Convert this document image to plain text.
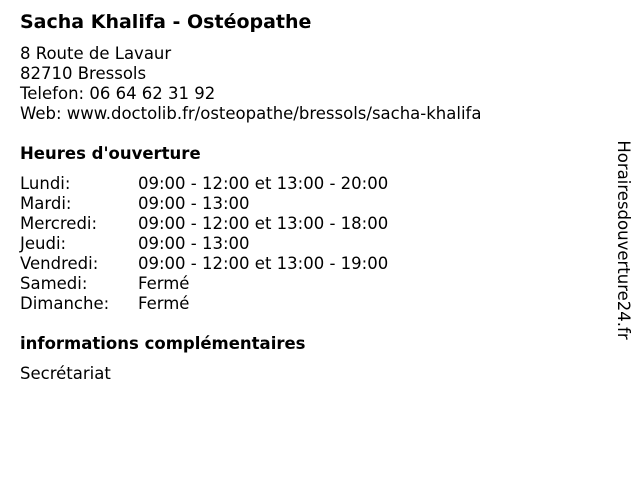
Sacha Khalifa - Ostéopathe
8 Route de Lavaur
82710 Bressols
Telefon: 06 64 62 31 92
Web: www.doctolib.fr/osteopathe/bressols/sacha-khalifa
Heures d'ouverture
Lundi:	09:00 - 12:00 et 13:00 - 20:00
Mardi:	09:00 - 13:00
Mercredi: 09:00 - 12:00 et 13:00 - 18:00
Jeudi:	09:00 - 13:00
Vendredi: 09:00 - 12:00 et 13:00 - 19:00
Samedi:	Fermé
Dimanche: Fermé
informations complémentaires
Secrétariat
Horairesdouverture24.fr
